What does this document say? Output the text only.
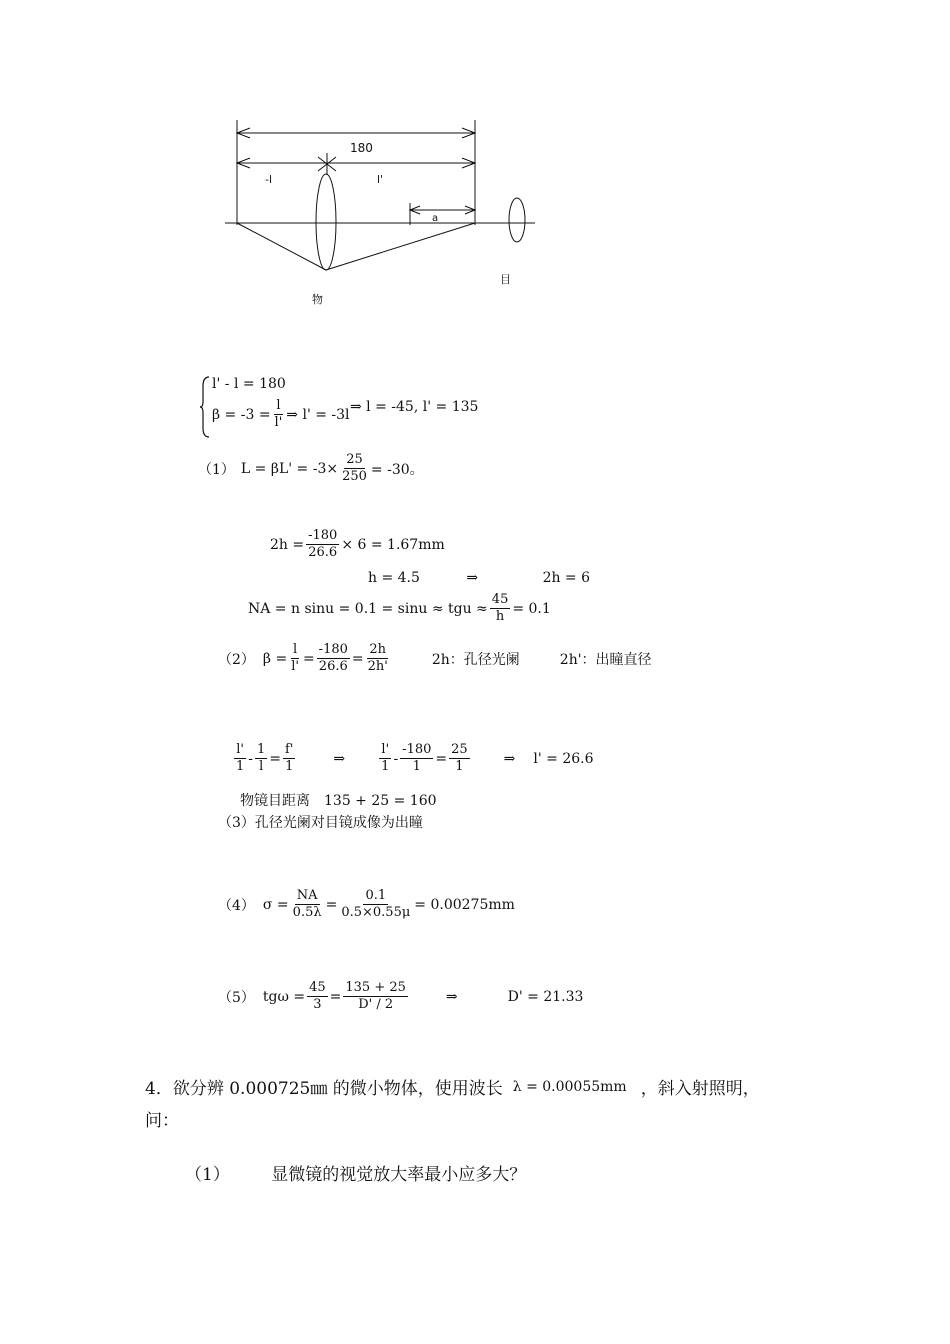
180
-l	l'
a
目
物
l' - l = 180
$\beta = -3 = \frac{l}{l'}$ ⇒ l' = -3l ⇒ l = -45, l' = 135
（1） $L = \beta L' = -3\times \frac{25}{250} = -30$。
$2h = \frac{-180}{26.6} \times 6 = 1.67mm$
h = 4.5	⇒	2h = 6
NA = n sinu = 0.1 = sinu ≈ tgu ≈ $\frac{45}{h} = 0.1$
（2） $\beta = \frac{l}{l'} = \frac{-180}{26.6} = \frac{2h}{2h'}$	2h：孔径光阑	2h'：出瞳直径
$\frac{l'}{1} - \frac{1}{l} = \frac{f'}{1}$	⇒	$\frac{l'}{1} - \frac{-180}{1} = \frac{25}{1}$ ⇒ l' = 26.6
物镜目距离　135 + 25 = 160
（3）孔径光阑对目镜成像为出瞳
（4） $\sigma = \frac{NA}{0.5\lambda} = \frac{0.1}{0.5\times 0.55\mu} = 0.00275mm$
（5） $tg\omega = \frac{45}{3} = \frac{135 + 25}{D' / 2}$	⇒	D' = 21.33
4．欲分辨 0.000725㎜ 的微小物体，使用波长 λ = 0.00055mm ，斜入射照明，
问：
（1） 显微镜的视觉放大率最小应多大？
